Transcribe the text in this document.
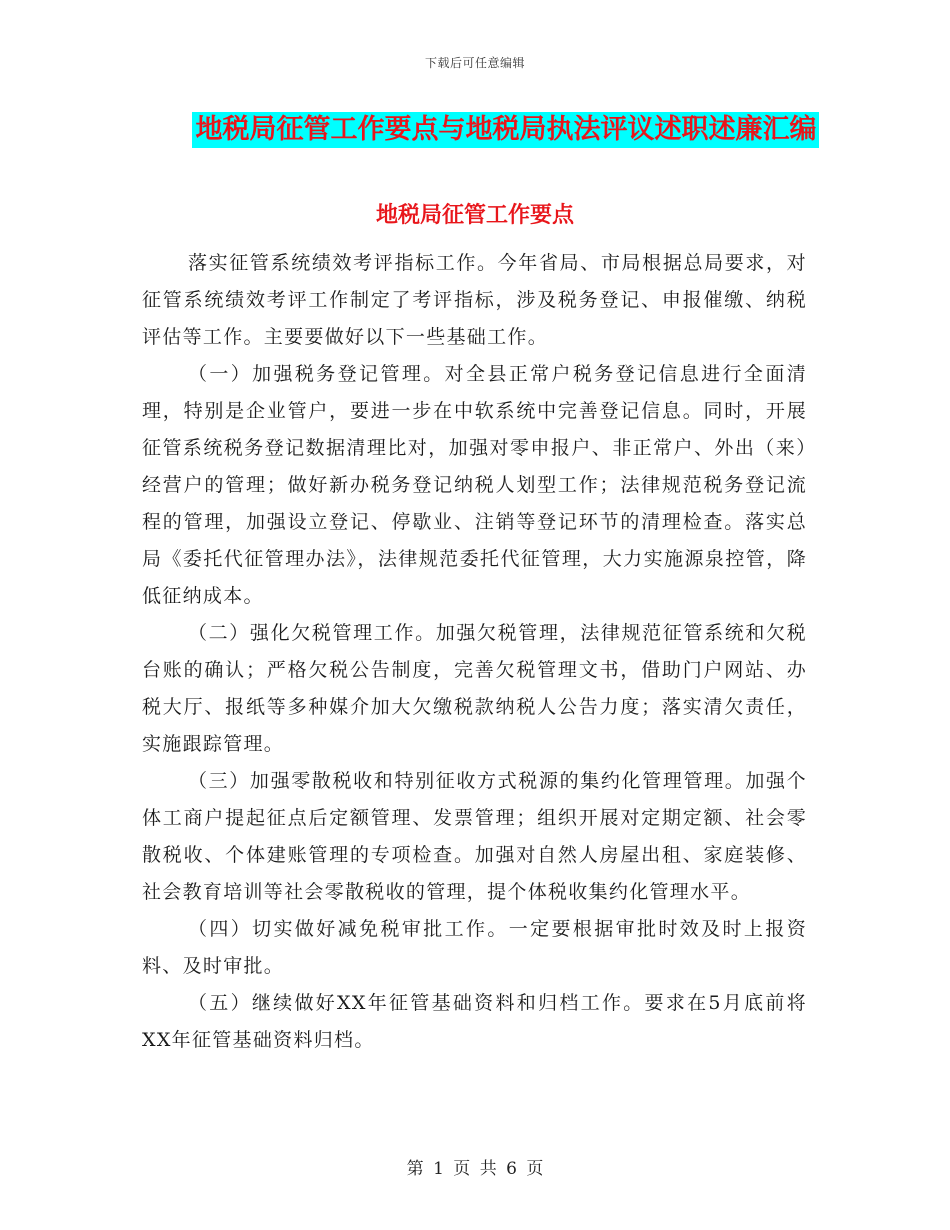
下载后可任意编辑
地税局征管工作要点与地税局执法评议述职述廉汇编
地税局征管工作要点

落实征管系统绩效考评指标工作。今年省局、市局根据总局要求，对征管系统绩效考评工作制定了考评指标，涉及税务登记、申报催缴、纳税评估等工作。主要要做好以下一些基础工作。

（一）加强税务登记管理。对全县正常户税务登记信息进行全面清理，特别是企业管户，要进一步在中软系统中完善登记信息。同时，开展征管系统税务登记数据清理比对，加强对零申报户、非正常户、外出（来）经营户的管理；做好新办税务登记纳税人划型工作；法律规范税务登记流程的管理，加强设立登记、停歇业、注销等登记环节的清理检查。落实总局《委托代征管理办法》，法律规范委托代征管理，大力实施源泉控管，降低征纳成本。

（二）强化欠税管理工作。加强欠税管理，法律规范征管系统和欠税台账的确认；严格欠税公告制度，完善欠税管理文书，借助门户网站、办税大厅、报纸等多种媒介加大欠缴税款纳税人公告力度；落实清欠责任，实施跟踪管理。

（三）加强零散税收和特别征收方式税源的集约化管理管理。加强个体工商户提起征点后定额管理、发票管理；组织开展对定期定额、社会零散税收、个体建账管理的专项检查。加强对自然人房屋出租、家庭装修、社会教育培训等社会零散税收的管理，提个体税收集约化管理水平。

（四）切实做好减免税审批工作。一定要根据审批时效及时上报资料、及时审批。

（五）继续做好XX年征管基础资料和归档工作。要求在5月底前将XX年征管基础资料归档。

第 1 页 共 6 页
